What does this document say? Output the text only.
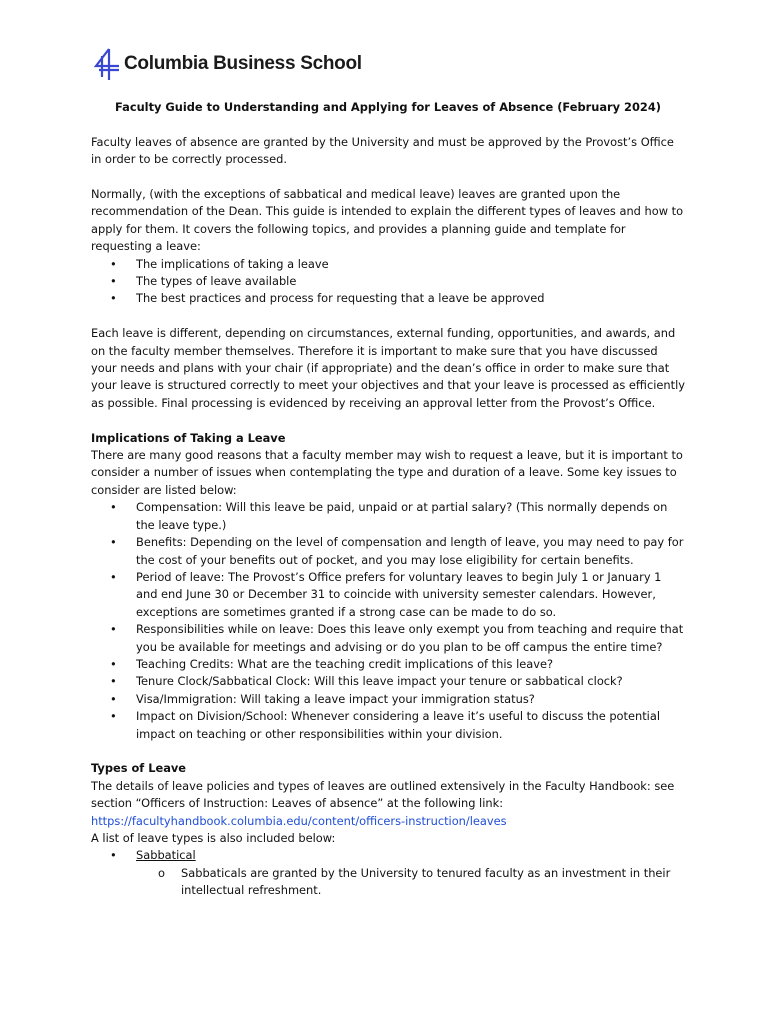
Columbia Business School

Faculty Guide to Understanding and Applying for Leaves of Absence (February 2024)

Faculty leaves of absence are granted by the University and must be approved by the Provost’s Office in order to be correctly processed.

Normally, (with the exceptions of sabbatical and medical leave) leaves are granted upon the recommendation of the Dean. This guide is intended to explain the different types of leaves and how to apply for them. It covers the following topics, and provides a planning guide and template for requesting a leave:

• The implications of taking a leave
• The types of leave available
• The best practices and process for requesting that a leave be approved

Each leave is different, depending on circumstances, external funding, opportunities, and awards, and on the faculty member themselves. Therefore it is important to make sure that you have discussed your needs and plans with your chair (if appropriate) and the dean’s office in order to make sure that your leave is structured correctly to meet your objectives and that your leave is processed as efficiently as possible. Final processing is evidenced by receiving an approval letter from the Provost’s Office.

Implications of Taking a Leave

There are many good reasons that a faculty member may wish to request a leave, but it is important to consider a number of issues when contemplating the type and duration of a leave. Some key issues to consider are listed below:

• Compensation: Will this leave be paid, unpaid or at partial salary? (This normally depends on the leave type.)
• Benefits: Depending on the level of compensation and length of leave, you may need to pay for the cost of your benefits out of pocket, and you may lose eligibility for certain benefits.
• Period of leave: The Provost’s Office prefers for voluntary leaves to begin July 1 or January 1 and end June 30 or December 31 to coincide with university semester calendars. However, exceptions are sometimes granted if a strong case can be made to do so.
• Responsibilities while on leave: Does this leave only exempt you from teaching and require that you be available for meetings and advising or do you plan to be off campus the entire time?
• Teaching Credits: What are the teaching credit implications of this leave?
• Tenure Clock/Sabbatical Clock: Will this leave impact your tenure or sabbatical clock?
• Visa/Immigration: Will taking a leave impact your immigration status?
• Impact on Division/School: Whenever considering a leave it’s useful to discuss the potential impact on teaching or other responsibilities within your division.

Types of Leave

The details of leave policies and types of leaves are outlined extensively in the Faculty Handbook: see section “Officers of Instruction: Leaves of absence” at the following link:

https://facultyhandbook.columbia.edu/content/officers-instruction/leaves

A list of leave types is also included below:

• Sabbatical
o Sabbaticals are granted by the University to tenured faculty as an investment in their intellectual refreshment.
